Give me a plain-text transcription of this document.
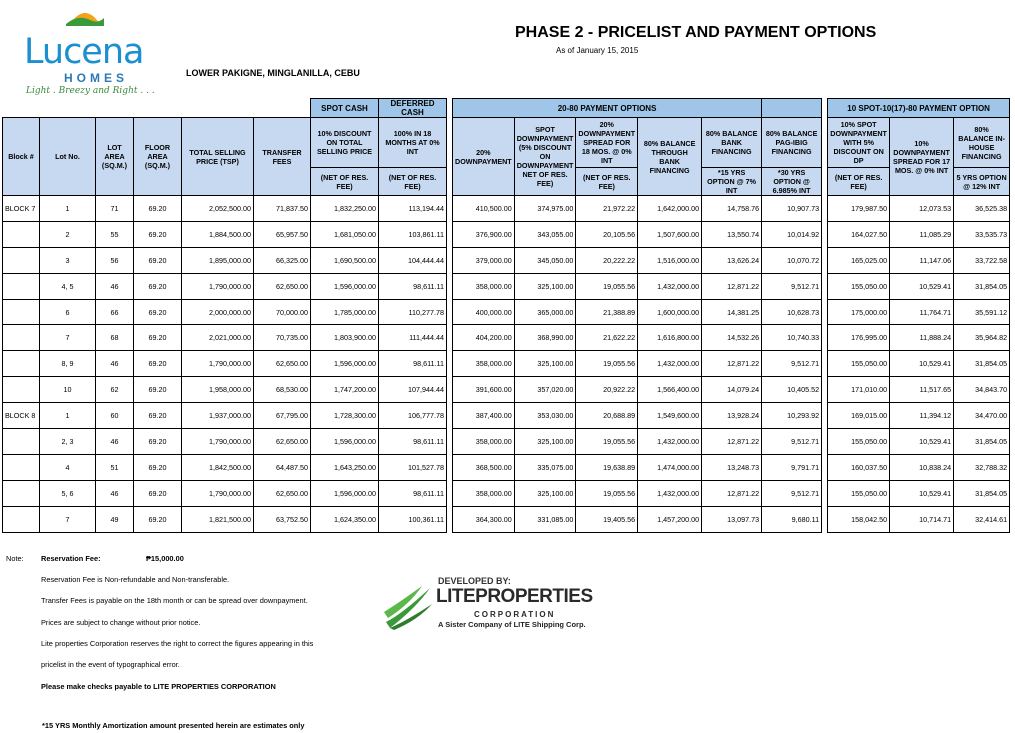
Lucena
HOMES
Light . Breezy and Right . . .
PHASE 2 - PRICELIST AND PAYMENT OPTIONS
As of January 15, 2015
LOWER PAKIGNE, MINGLANILLA, CEBU
						SPOT CASH	DEFERRED CASH		20-80 PAYMENT OPTIONS							10 SPOT-10(17)-80 PAYMENT OPTION		
Block #	Lot No.	LOT AREA (SQ.M.)	FLOOR AREA (SQ.M.)	TOTAL SELLING PRICE (TSP)	TRANSFER FEES	10% DISCOUNT ON TOTAL SELLING PRICE	100% IN 18 MONTHS AT 0% INT		20% DOWNPAYMENT	SPOT DOWNPAYMENT (5% DISCOUNT ON DOWNPAYMENT NET OF RES. FEE)	20% DOWNPAYMENT SPREAD FOR 18 MOS. @ 0% INT	80% BALANCE THROUGH BANK FINANCING	80% BALANCE BANK FINANCING	80% BALANCE PAG-IBIG FINANCING		10% SPOT DOWNPAYMENT WITH 5% DISCOUNT ON DP	10% DOWNPAYMENT SPREAD FOR 17 MOS. @ 0% INT	80% BALANCE IN-HOUSE FINANCING
						(NET OF RES. FEE)	(NET OF RES. FEE)				(NET OF RES. FEE)		*15 YRS OPTION @ 7% INT	*30 YRS OPTION @ 6.985% INT		(NET OF RES. FEE)		5 YRS OPTION @ 12% INT
BLOCK 7	1	71	69.20	2,052,500.00	71,837.50	1,832,250.00	113,194.44		410,500.00	374,975.00	21,972.22	1,642,000.00	14,758.76	10,907.73		179,987.50	12,073.53	36,525.38
	2	55	69.20	1,884,500.00	65,957.50	1,681,050.00	103,861.11		376,900.00	343,055.00	20,105.56	1,507,600.00	13,550.74	10,014.92		164,027.50	11,085.29	33,535.73
	3	56	69.20	1,895,000.00	66,325.00	1,690,500.00	104,444.44		379,000.00	345,050.00	20,222.22	1,516,000.00	13,626.24	10,070.72		165,025.00	11,147.06	33,722.58
	4, 5	46	69.20	1,790,000.00	62,650.00	1,596,000.00	98,611.11		358,000.00	325,100.00	19,055.56	1,432,000.00	12,871.22	9,512.71		155,050.00	10,529.41	31,854.05
	6	66	69.20	2,000,000.00	70,000.00	1,785,000.00	110,277.78		400,000.00	365,000.00	21,388.89	1,600,000.00	14,381.25	10,628.73		175,000.00	11,764.71	35,591.12
	7	68	69.20	2,021,000.00	70,735.00	1,803,900.00	111,444.44		404,200.00	368,990.00	21,622.22	1,616,800.00	14,532.26	10,740.33		176,995.00	11,888.24	35,964.82
	8, 9	46	69.20	1,790,000.00	62,650.00	1,596,000.00	98,611.11		358,000.00	325,100.00	19,055.56	1,432,000.00	12,871.22	9,512.71		155,050.00	10,529.41	31,854.05
	10	62	69.20	1,958,000.00	68,530.00	1,747,200.00	107,944.44		391,600.00	357,020.00	20,922.22	1,566,400.00	14,079.24	10,405.52		171,010.00	11,517.65	34,843.70
BLOCK 8	1	60	69.20	1,937,000.00	67,795.00	1,728,300.00	106,777.78		387,400.00	353,030.00	20,688.89	1,549,600.00	13,928.24	10,293.92		169,015.00	11,394.12	34,470.00
	2, 3	46	69.20	1,790,000.00	62,650.00	1,596,000.00	98,611.11		358,000.00	325,100.00	19,055.56	1,432,000.00	12,871.22	9,512.71		155,050.00	10,529.41	31,854.05
	4	51	69.20	1,842,500.00	64,487.50	1,643,250.00	101,527.78		368,500.00	335,075.00	19,638.89	1,474,000.00	13,248.73	9,791.71		160,037.50	10,838.24	32,788.32
	5, 6	46	69.20	1,790,000.00	62,650.00	1,596,000.00	98,611.11		358,000.00	325,100.00	19,055.56	1,432,000.00	12,871.22	9,512.71		155,050.00	10,529.41	31,854.05
	7	49	69.20	1,821,500.00	63,752.50	1,624,350.00	100,361.11		364,300.00	331,085.00	19,405.56	1,457,200.00	13,097.73	9,680.11		158,042.50	10,714.71	32,414.61
Note: Reservation Fee:	₱15,000.00
Reservation Fee is Non-refundable and Non-transferable.
Transfer Fees is payable on the 18th month or can be spread over downpayment.
Prices are subject to change without prior notice.
Lite properties Corporation reserves the right to correct the figures appearing in this
pricelist in the event of typographical error.
Please make checks payable to LITE PROPERTIES CORPORATION
*15 YRS Monthly Amortization amount presented herein are estimates only
DEVELOPED BY:
LITEPROPERTIES
CORPORATION
A Sister Company of LITE Shipping Corp.
